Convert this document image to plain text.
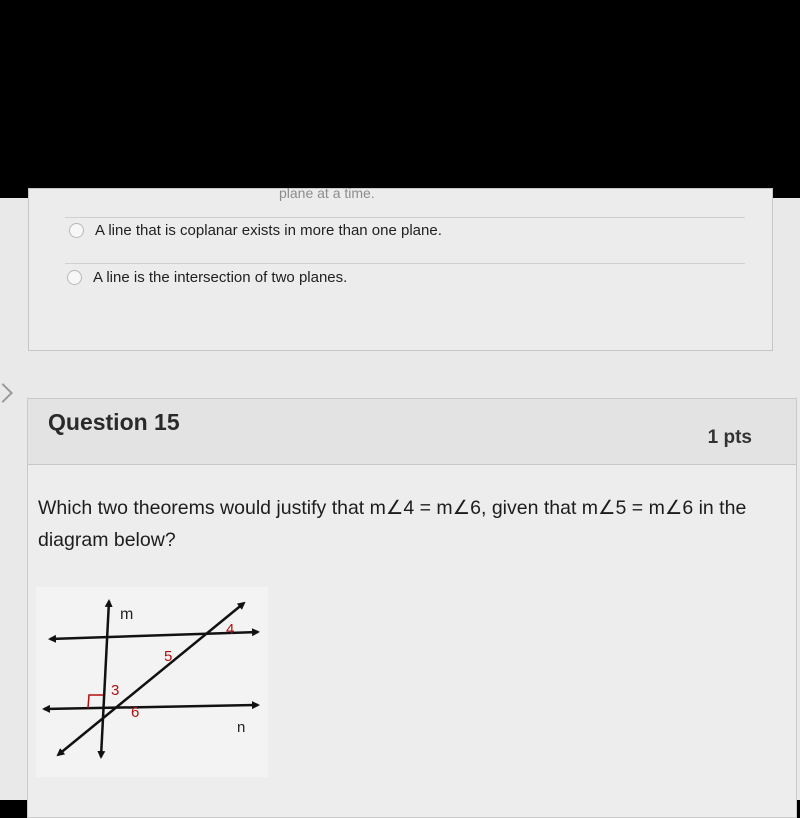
plane at a time.
A line that is coplanar exists in more than one plane.
A line is the intersection of two planes.
Question 15
1 pts
Which two theorems would justify that m∠4 = m∠6, given that m∠5 = m∠6 in the diagram below?
m
n
3
4
5
6
